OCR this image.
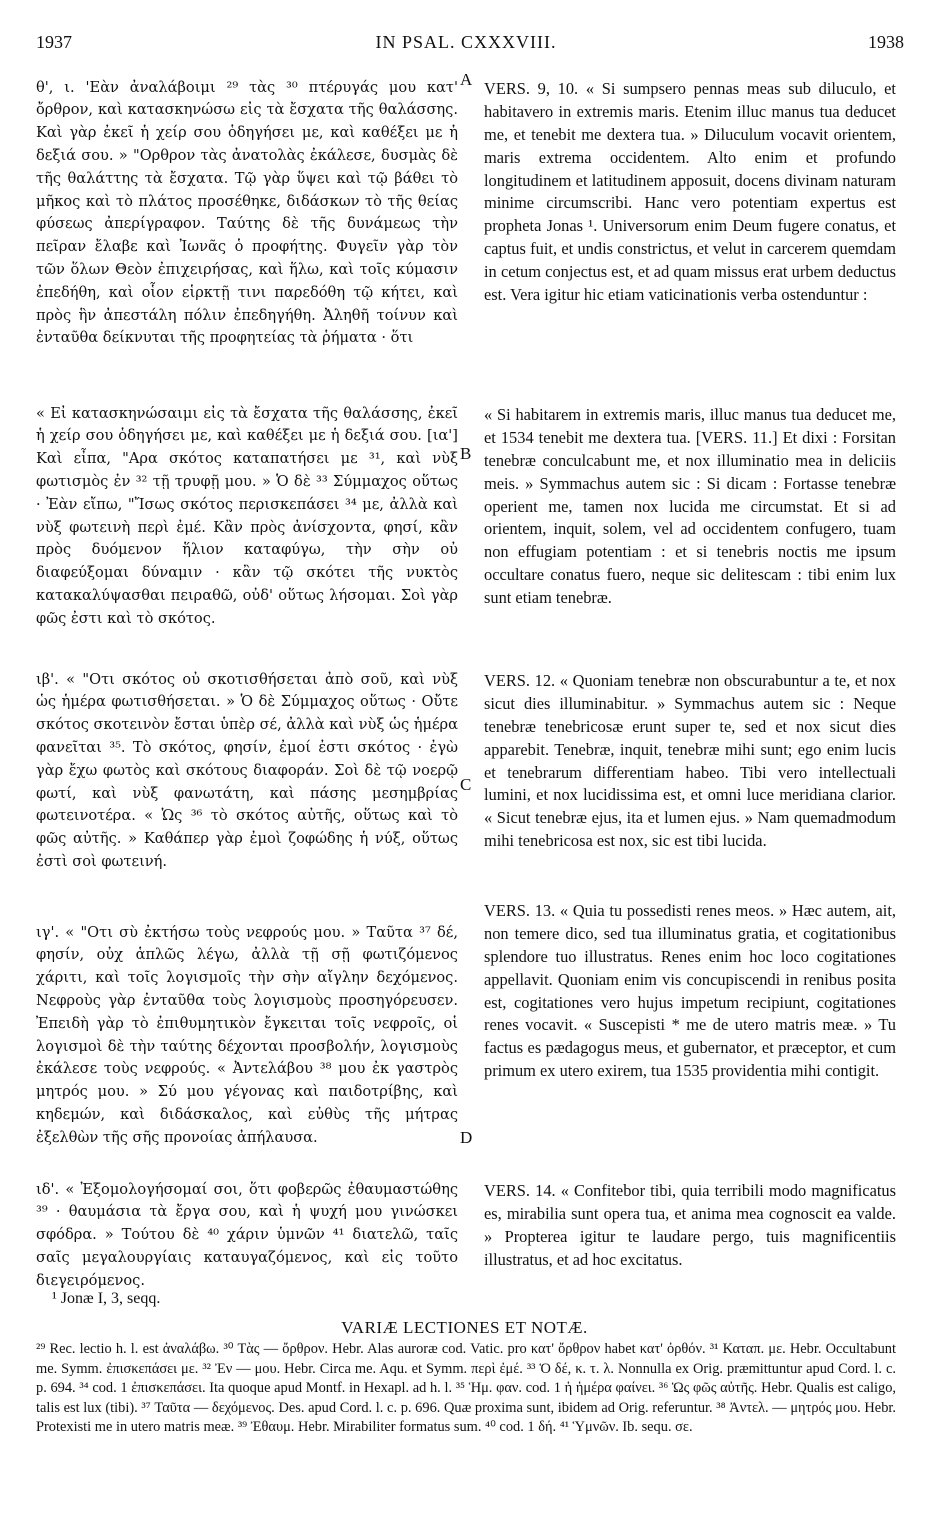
1937	IN PSAL. CXXXVIII.	1938

θ', ι. 'Εὰν ἀναλάβοιμι ²⁹ τὰς ³⁰ πτέρυγάς μου κατ' ὄρθρον, καὶ κατασκηνώσω εἰς τὰ ἔσχατα τῆς θαλάσσης. Καὶ γὰρ ἐκεῖ ἡ χείρ σου ὁδηγήσει με, καὶ καθέξει με ἡ δεξιά σου. » "Ορθρον τὰς ἀνατολὰς ἐκάλεσε, δυσμὰς δὲ τῆς θαλάττης τὰ ἔσχατα. Τῷ γὰρ ὕψει καὶ τῷ βάθει τὸ μῆκος καὶ τὸ πλάτος προσέθηκε, διδάσκων τὸ τῆς θείας φύσεως ἀπερίγραφον. Ταύτης δὲ τῆς δυνάμεως τὴν πεῖραν ἔλαβε καὶ Ἰωνᾶς ὁ προφήτης. Φυγεῖν γὰρ τὸν τῶν ὅλων Θεὸν ἐπιχειρήσας, καὶ ἥλω, καὶ τοῖς κύμασιν ἐπεδήθη, καὶ οἷον εἱρκτῇ τινι παρεδόθη τῷ κήτει, καὶ πρὸς ἣν ἀπεστάλη πόλιν ἐπεδηγήθη. Ἀληθῆ τοίνυν καὶ ἐνταῦθα δείκνυται τῆς προφητείας τὰ ῥήματα · ὅτι

« Εἰ κατασκηνώσαιμι εἰς τὰ ἔσχατα τῆς θαλάσσης, ἐκεῖ ἡ χείρ σου ὁδηγήσει με, καὶ καθέξει με ἡ δεξιά σου. [ια'] Καὶ εἶπα, "Αρα σκότος καταπατήσει με ³¹, καὶ νὺξ φωτισμὸς ἐν ³² τῇ τρυφῇ μου. » Ὁ δὲ ³³ Σύμμαχος οὕτως · Ἐὰν εἴπω, "Ἴσως σκότος περισκεπάσει ³⁴ με, ἀλλὰ καὶ νὺξ φωτεινὴ περὶ ἐμέ. Κἂν πρὸς ἀνίσχοντα, φησί, κἂν πρὸς δυόμενον ἥλιον καταφύγω, τὴν σὴν οὐ διαφεύξομαι δύναμιν · κἂν τῷ σκότει τῆς νυκτὸς κατακαλύψασθαι πειραθῶ, οὐδ' οὕτως λήσομαι. Σοὶ γὰρ φῶς ἐστι καὶ τὸ σκότος.

ιβ'. « "Οτι σκότος οὐ σκοτισθήσεται ἀπὸ σοῦ, καὶ νὺξ ὡς ἡμέρα φωτισθήσεται. » Ὁ δὲ Σύμμαχος οὕτως · Οὔτε σκότος σκοτεινὸν ἔσται ὑπὲρ σέ, ἀλλὰ καὶ νὺξ ὡς ἡμέρα φανεῖται ³⁵. Τὸ σκότος, φησίν, ἐμοί ἐστι σκότος · ἐγὼ γὰρ ἔχω φωτὸς καὶ σκότους διαφοράν. Σοὶ δὲ τῷ νοερῷ φωτί, καὶ νὺξ φανωτάτη, καὶ πάσης μεσημβρίας φωτεινοτέρα. « Ὡς ³⁶ τὸ σκότος αὐτῆς, οὕτως καὶ τὸ φῶς αὐτῆς. » Καθάπερ γὰρ ἐμοὶ ζοφώδης ἡ νύξ, οὕτως ἐστὶ σοὶ φωτεινή.

ιγ'. « "Οτι σὺ ἐκτήσω τοὺς νεφρούς μου. » Ταῦτα ³⁷ δέ, φησίν, οὐχ ἁπλῶς λέγω, ἀλλὰ τῇ σῇ φωτιζόμενος χάριτι, καὶ τοῖς λογισμοῖς τὴν σὴν αἴγλην δεχόμενος. Νεφροὺς γὰρ ἐνταῦθα τοὺς λογισμοὺς προσηγόρευσεν. Ἐπειδὴ γὰρ τὸ ἐπιθυμητικὸν ἔγκειται τοῖς νεφροῖς, οἱ λογισμοὶ δὲ τὴν ταύτης δέχονται προσβολήν, λογισμοὺς ἐκάλεσε τοὺς νεφρούς. « Ἀντελάβου ³⁸ μου ἐκ γαστρὸς μητρός μου. » Σύ μου γέγονας καὶ παιδοτρίβης, καὶ κηδεμών, καὶ διδάσκαλος, καὶ εὐθὺς τῆς μήτρας ἐξελθὼν τῆς σῆς προνοίας ἀπήλαυσα.

ιδ'. « Ἐξομολογήσομαί σοι, ὅτι φοβερῶς ἐθαυμαστώθης ³⁹ · θαυμάσια τὰ ἔργα σου, καὶ ἡ ψυχή μου γινώσκει σφόδρα. » Τούτου δὲ ⁴⁰ χάριν ὑμνῶν ⁴¹ διατελῶ, ταῖς σαῖς μεγαλουργίαις καταυγαζόμενος, καὶ εἰς τοῦτο διεγειρόμενος.

A
B
C
D

VERS. 9, 10. « Si sumpsero pennas meas sub diluculo, et habitavero in extremis maris. Etenim illuc manus tua deducet me, et tenebit me dextera tua. » Diluculum vocavit orientem, maris extrema occidentem. Alto enim et profundo longitudinem et latitudinem apposuit, docens divinam naturam minime circumscribi. Hanc vero potentiam expertus est propheta Jonas ¹. Universorum enim Deum fugere conatus, et captus fuit, et undis constrictus, et velut in carcerem quemdam in cetum conjectus est, et ad quam missus erat urbem deductus est. Vera igitur hic etiam vaticinationis verba ostenduntur :

« Si habitarem in extremis maris, illuc manus tua deducet me, et 1534 tenebit me dextera tua. [VERS. 11.] Et dixi : Forsitan tenebræ conculcabunt me, et nox illuminatio mea in deliciis meis. » Symmachus autem sic : Si dicam : Fortasse tenebræ operient me, tamen nox lucida me circumstat. Et si ad orientem, inquit, solem, vel ad occidentem confugero, tuam non effugiam potentiam : et si tenebris noctis me ipsum occultare conatus fuero, neque sic delitescam : tibi enim lux sunt etiam tenebræ.

VERS. 12. « Quoniam tenebræ non obscurabuntur a te, et nox sicut dies illuminabitur. » Symmachus autem sic : Neque tenebræ tenebricosæ erunt super te, sed et nox sicut dies apparebit. Tenebræ, inquit, tenebræ mihi sunt; ego enim lucis et tenebrarum differentiam habeo. Tibi vero intellectuali lumini, et nox lucidissima est, et omni luce meridiana clarior. « Sicut tenebræ ejus, ita et lumen ejus. » Nam quemadmodum mihi tenebricosa est nox, sic est tibi lucida.

VERS. 13. « Quia tu possedisti renes meos. » Hæc autem, ait, non temere dico, sed tua illuminatus gratia, et cogitationibus splendore tuo illustratus. Renes enim hoc loco cogitationes appellavit. Quoniam enim vis concupiscendi in renibus posita est, cogitationes vero hujus impetum recipiunt, cogitationes renes vocavit. « Suscepisti * me de utero matris meæ. » Tu factus es pædagogus meus, et gubernator, et præceptor, et cum primum ex utero exirem, tua 1535 providentia mihi contigit.

VERS. 14. « Confitebor tibi, quia terribili modo magnificatus es, mirabilia sunt opera tua, et anima mea cognoscit ea valde. » Propterea igitur te laudare pergo, tuis magnificentiis illustratus, et ad hoc excitatus.

¹ Jonæ I, 3, seqq.
VARIÆ LECTIONES ET NOTÆ.
²⁹ Rec. lectio h. l. est ἀναλάβω. ³⁰ Τὰς — ὄρθρον. Hebr. Alas auroræ cod. Vatic. pro κατ' ὄρθρον habet κατ' ὀρθόν. ³¹ Καταπ. με. Hebr. Occultabunt me. Symm. ἐπισκεπάσει με. ³² Ἐν — μου. Hebr. Circa me. Aqu. et Symm. περὶ ἐμέ. ³³ Ὁ δέ, κ. τ. λ. Nonnulla ex Orig. præmittuntur apud Cord. l. c. p. 694. ³⁴ cod. 1 ἐπισκεπάσει. Ita quoque apud Montf. in Hexapl. ad h. l. ³⁵ Ἡμ. φαν. cod. 1 ἡ ἡμέρα φαίνει. ³⁶ Ὡς φῶς αὐτῆς. Hebr. Qualis est caligo, talis est lux (tibi). ³⁷ Ταῦτα — δεχόμενος. Des. apud Cord. l. c. p. 696. Quæ proxima sunt, ibidem ad Orig. referuntur. ³⁸ Ἀντελ. — μητρός μου. Hebr. Protexisti me in utero matris meæ. ³⁹ Ἐθαυμ. Hebr. Mirabiliter formatus sum. ⁴⁰ cod. 1 δή. ⁴¹ Ὑμνῶν. Ib. sequ. σε.
